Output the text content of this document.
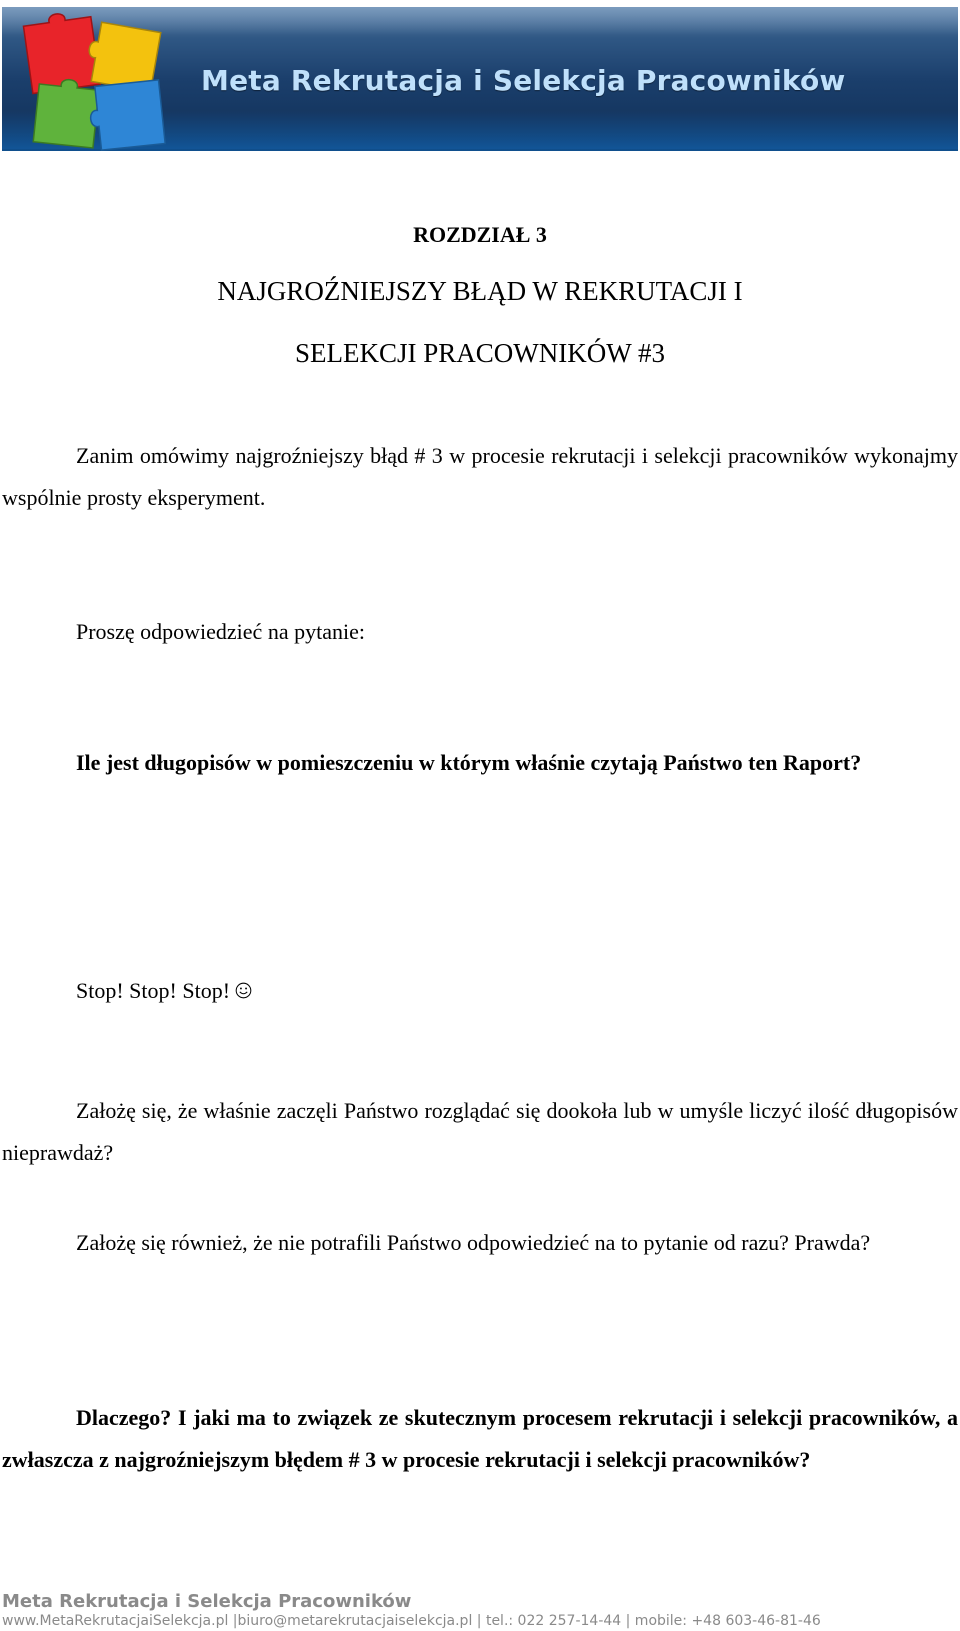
Meta Rekrutacja i Selekcja Pracowników
ROZDZIAŁ 3
NAJGROŹNIEJSZY BŁĄD W REKRUTACJI I
SELEKCJI PRACOWNIKÓW #3

Zanim omówimy najgroźniejszy błąd # 3 w procesie rekrutacji i selekcji pracowników wykonajmy wspólnie prosty eksperyment.

Proszę odpowiedzieć na pytanie:

Ile jest długopisów w pomieszczeniu w którym właśnie czytają Państwo ten Raport?

Stop! Stop! Stop!

Założę się, że właśnie zaczęli Państwo rozglądać się dookoła lub w umyśle liczyć ilość długopisów nieprawdaż?

Założę się również, że nie potrafili Państwo odpowiedzieć na to pytanie od razu? Prawda?

Dlaczego? I jaki ma to związek ze skutecznym procesem rekrutacji i selekcji pracowników, a zwłaszcza z najgroźniejszym błędem # 3 w procesie rekrutacji i selekcji pracowników?

Meta Rekrutacja i Selekcja Pracowników
www.MetaRekrutacjaiSelekcja.pl |biuro@metarekrutacjaiselekcja.pl | tel.: 022 257-14-44 | mobile: +48 603-46-81-46
